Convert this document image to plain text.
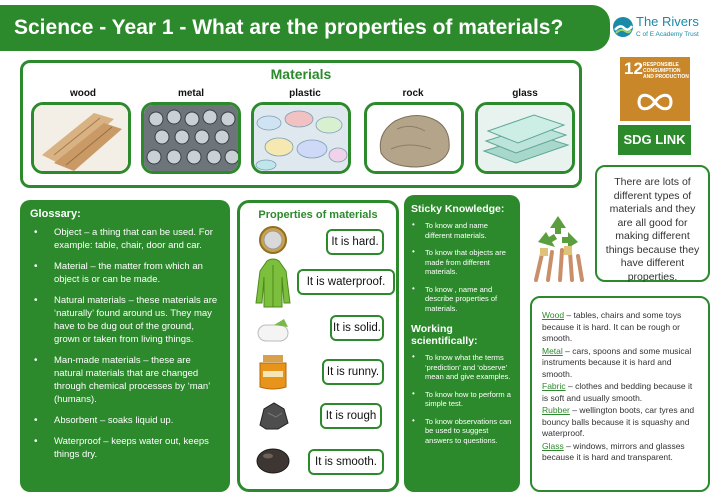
Science - Year 1 - What are the properties of materials?	The Rivers
C of E Academy Trust
Materials
wood	metal	plastic	rock	glass
12 RESPONSIBLE CONSUMPTION AND PRODUCTION
SDG LINK
There are lots of different types of materials and they are all good for making different things because they have different properties.
Glossary:
• Object – a thing that can be used. For example: table, chair, door and car.
• Material – the matter from which an object is or can be made.
• Natural materials – these materials are ‘naturally’ found around us. They may have to be dug out of the ground, grown or taken from living things.
• Man-made materials – these are natural materials that are changed through chemical processes by ‘man’ (humans).
• Absorbent – soaks liquid up.
• Waterproof – keeps water out, keeps things dry.
Properties of materials
It is hard.
It is waterproof.
It is solid.
It is runny.
It is rough
It is smooth.
Sticky Knowledge:
• To know and name different materials.
• To know that objects are made from different materials.
• To know , name and describe properties of materials.
Working scientifically:
• To know what the terms ‘prediction’ and ‘observe’ mean and give examples.
• To know how to perform a simple test.
• To know observations can be used to suggest answers to questions.

Wood – tables, chairs and some toys because it is hard. It can be rough or smooth.

Metal – cars, spoons and some musical instruments because it is hard and smooth.

Fabric – clothes and bedding because it is soft and usually smooth.

Rubber – wellington boots, car tyres and bouncy balls because it is squashy and waterproof.

Glass – windows, mirrors and glasses because it is hard and transparent.
